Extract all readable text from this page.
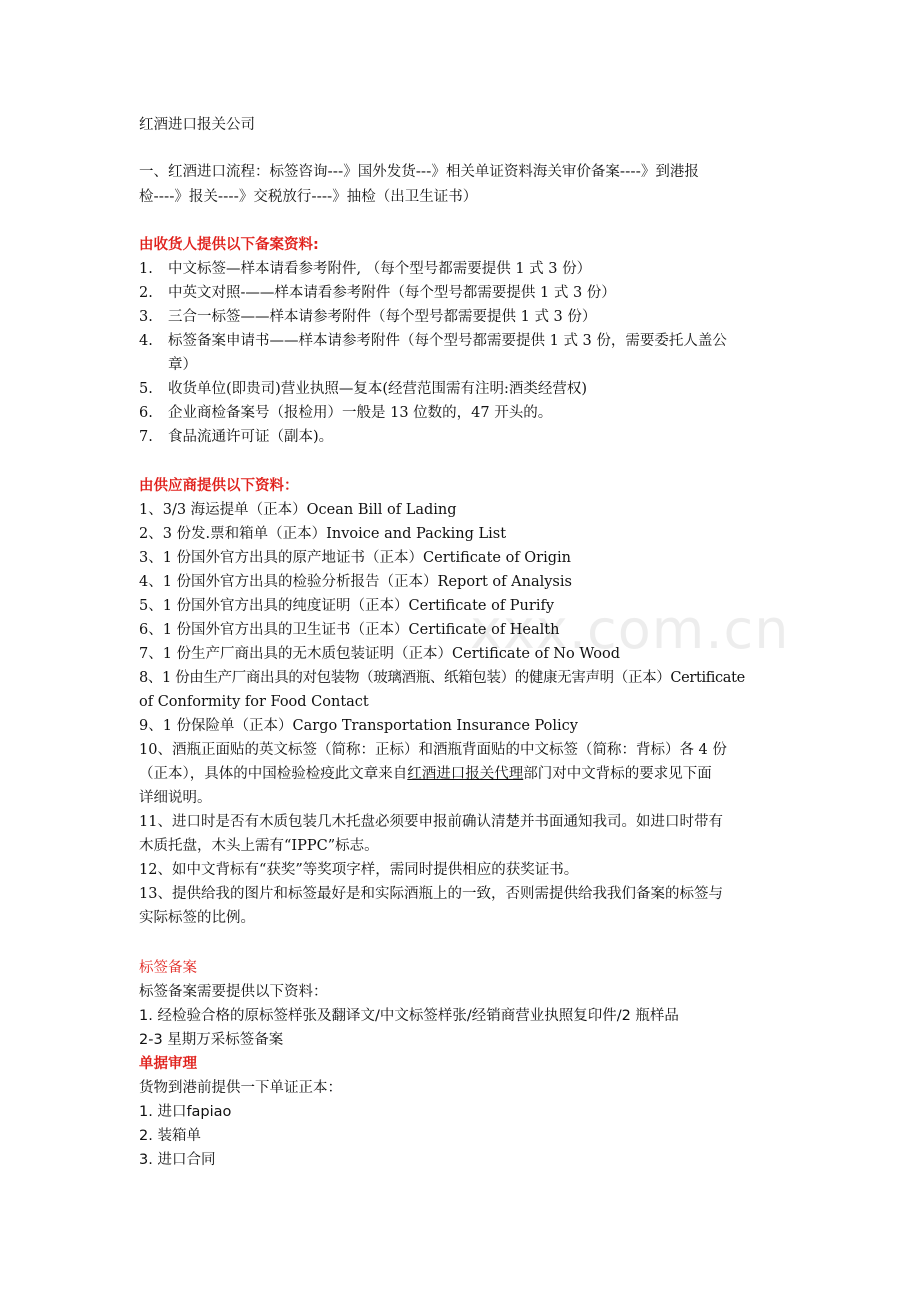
红酒进口报关公司
一、红酒进口流程：标签咨询---》国外发货---》相关单证资料海关审价备案----》到港报
检----》报关----》交税放行----》抽检（出卫生证书）
由收货人提供以下备案资料:
1. 中文标签—样本请看参考附件, （每个型号都需要提供 1 式 3 份）
2. 中英文对照-——样本请看参考附件（每个型号都需要提供 1 式 3 份）
3. 三合一标签——样本请参考附件（每个型号都需要提供 1 式 3 份）
4. 标签备案申请书——样本请参考附件（每个型号都需要提供 1 式 3 份，需要委托人盖公
章）
5. 收货单位(即贵司)营业执照—复本(经营范围需有注明:酒类经营权)
6. 企业商检备案号（报检用）一般是 13 位数的，47 开头的。
7. 食品流通许可证（副本)。
由供应商提供以下资料：
1、3/3 海运提单（正本）Ocean Bill of Lading
2、3 份发.票和箱单（正本）Invoice and Packing List
3、1 份国外官方出具的原产地证书（正本）Certificate of Origin
4、1 份国外官方出具的检验分析报告（正本）Report of Analysis
5、1 份国外官方出具的纯度证明（正本）Certificate of Purify
6、1 份国外官方出具的卫生证书（正本）Certificate of Health
7、1 份生产厂商出具的无木质包装证明（正本）Certificate of No Wood
8、1 份由生产厂商出具的对包装物（玻璃酒瓶、纸箱包装）的健康无害声明（正本）Certificate
of Conformity for Food Contact
9、1 份保险单（正本）Cargo Transportation Insurance Policy
10、酒瓶正面贴的英文标签（简称：正标）和酒瓶背面贴的中文标签（简称：背标）各 4 份
（正本），具体的中国检验检疫此文章来自红酒进口报关代理部门对中文背标的要求见下面
详细说明。
11、进口时是否有木质包装几木托盘必须要申报前确认清楚并书面通知我司。如进口时带有
木质托盘，木头上需有“IPPC”标志。
12、如中文背标有“获奖”等奖项字样，需同时提供相应的获奖证书。
13、提供给我的图片和标签最好是和实际酒瓶上的一致，否则需提供给我我们备案的标签与
实际标签的比例。
标签备案
标签备案需要提供以下资料：
1. 经检验合格的原标签样张及翻译文/中文标签样张/经销商营业执照复印件/2 瓶样品
2-3 星期万采标签备案
单据审理
货物到港前提供一下单证正本：
1. 进口fapiao
2. 装箱单
3. 进口合同
xxx.com.cn
